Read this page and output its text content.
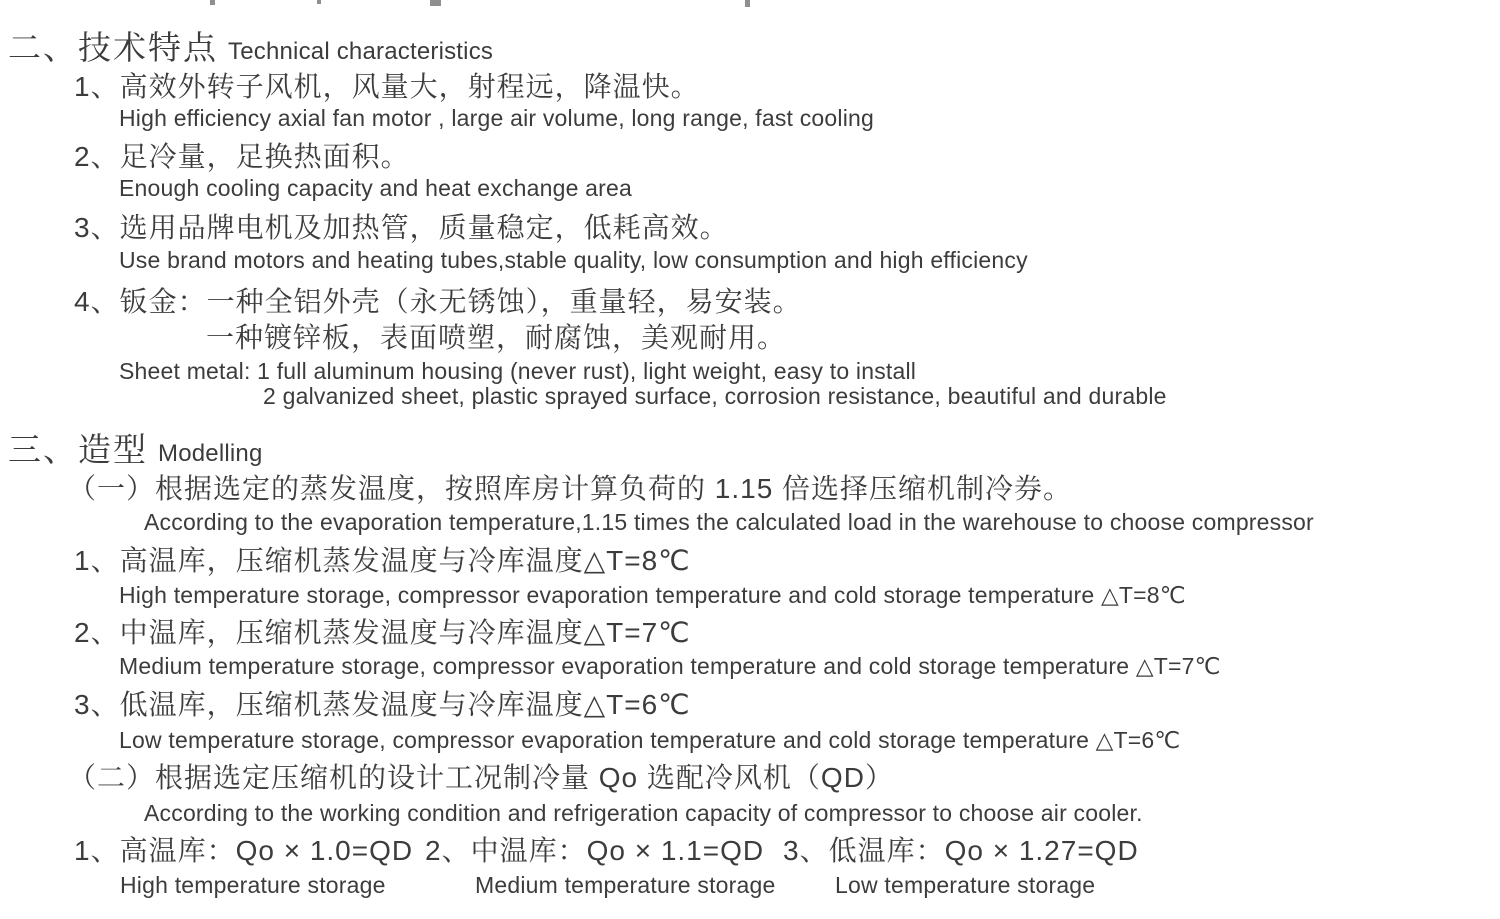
二、技术特点 Technical characteristics
1、高效外转子风机，风量大，射程远，降温快。
High efficiency axial fan motor , large air volume, long range, fast cooling
2、足冷量，足换热面积。
Enough cooling capacity and heat exchange area
3、选用品牌电机及加热管，质量稳定，低耗高效。
Use brand motors and heating tubes,stable quality, low consumption and high efficiency
4、钣金：一种全铝外壳（永无锈蚀），重量轻，易安装。
一种镀锌板，表面喷塑，耐腐蚀，美观耐用。
Sheet metal: 1 full aluminum housing (never rust), light weight, easy to install
2 galvanized sheet, plastic sprayed surface, corrosion resistance, beautiful and durable
三、造型 Modelling
（一）根据选定的蒸发温度，按照库房计算负荷的 1.15 倍选择压缩机制冷券。
According to the evaporation temperature,1.15 times the calculated load in the warehouse to choose compressor
1、高温库，压缩机蒸发温度与冷库温度△T=8℃
High temperature storage, compressor evaporation temperature and cold storage temperature △T=8℃
2、中温库，压缩机蒸发温度与冷库温度△T=7℃
Medium temperature storage, compressor evaporation temperature and cold storage temperature △T=7℃
3、低温库，压缩机蒸发温度与冷库温度△T=6℃
Low temperature storage, compressor evaporation temperature and cold storage temperature △T=6℃
（二）根据选定压缩机的设计工况制冷量 Qo 选配冷风机（QD）
According to the working condition and refrigeration capacity of compressor to choose air cooler.
1、高温库：Qo × 1.0=QD 2、中温库：Qo × 1.1=QD 3、低温库：Qo × 1.27=QD
High temperature storage	Medium temperature storage	Low temperature storage
